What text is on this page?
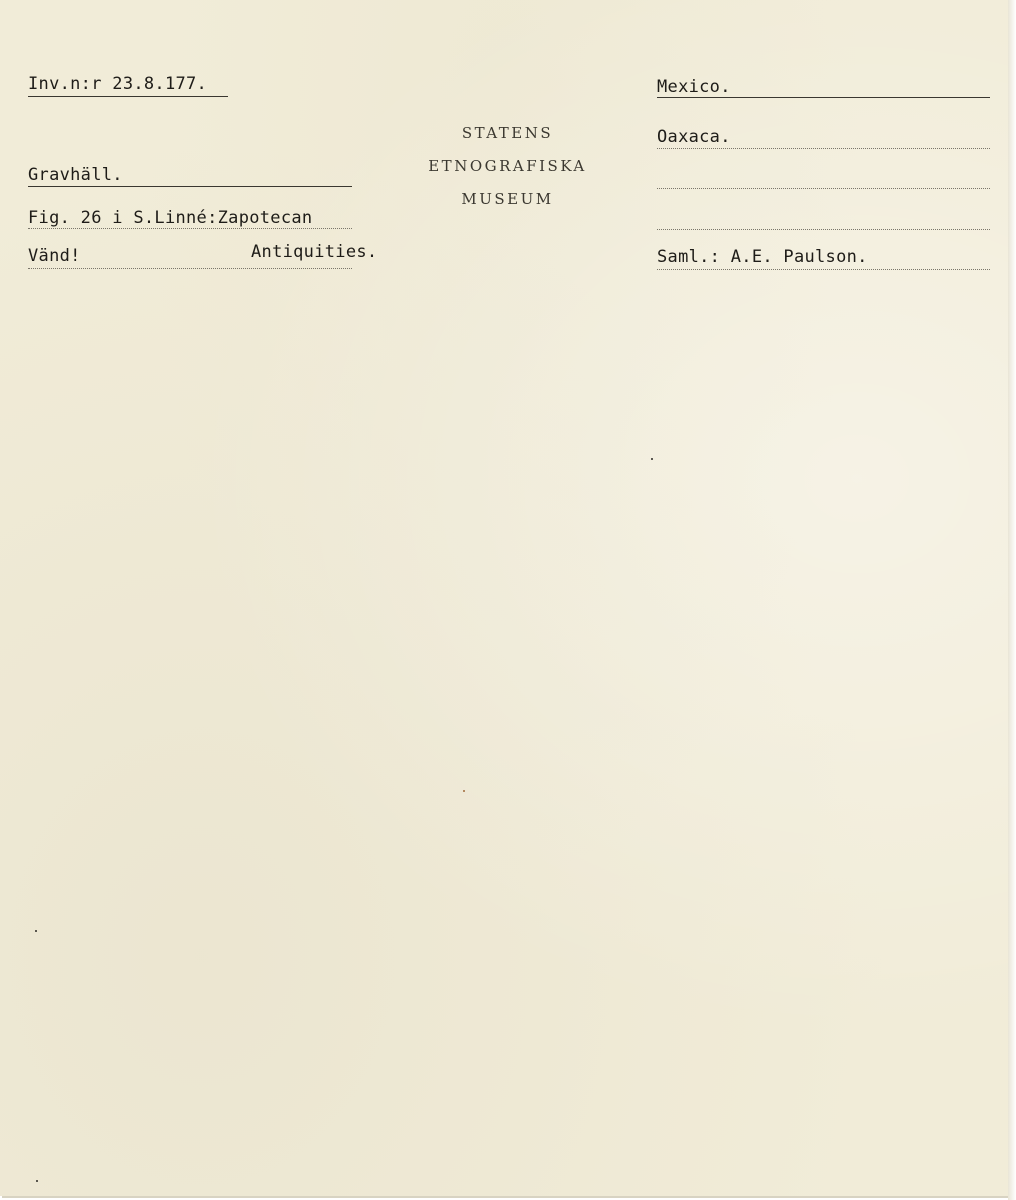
Inv.n:r 23.8.177.
STATENS
ETNOGRAFISKA
MUSEUM
Mexico.
Oaxaca.
Saml.: A.E. Paulson.
Gravhäll.
Fig. 26 i S.Linné:Zapotecan
Vänd!	Antiquities.
